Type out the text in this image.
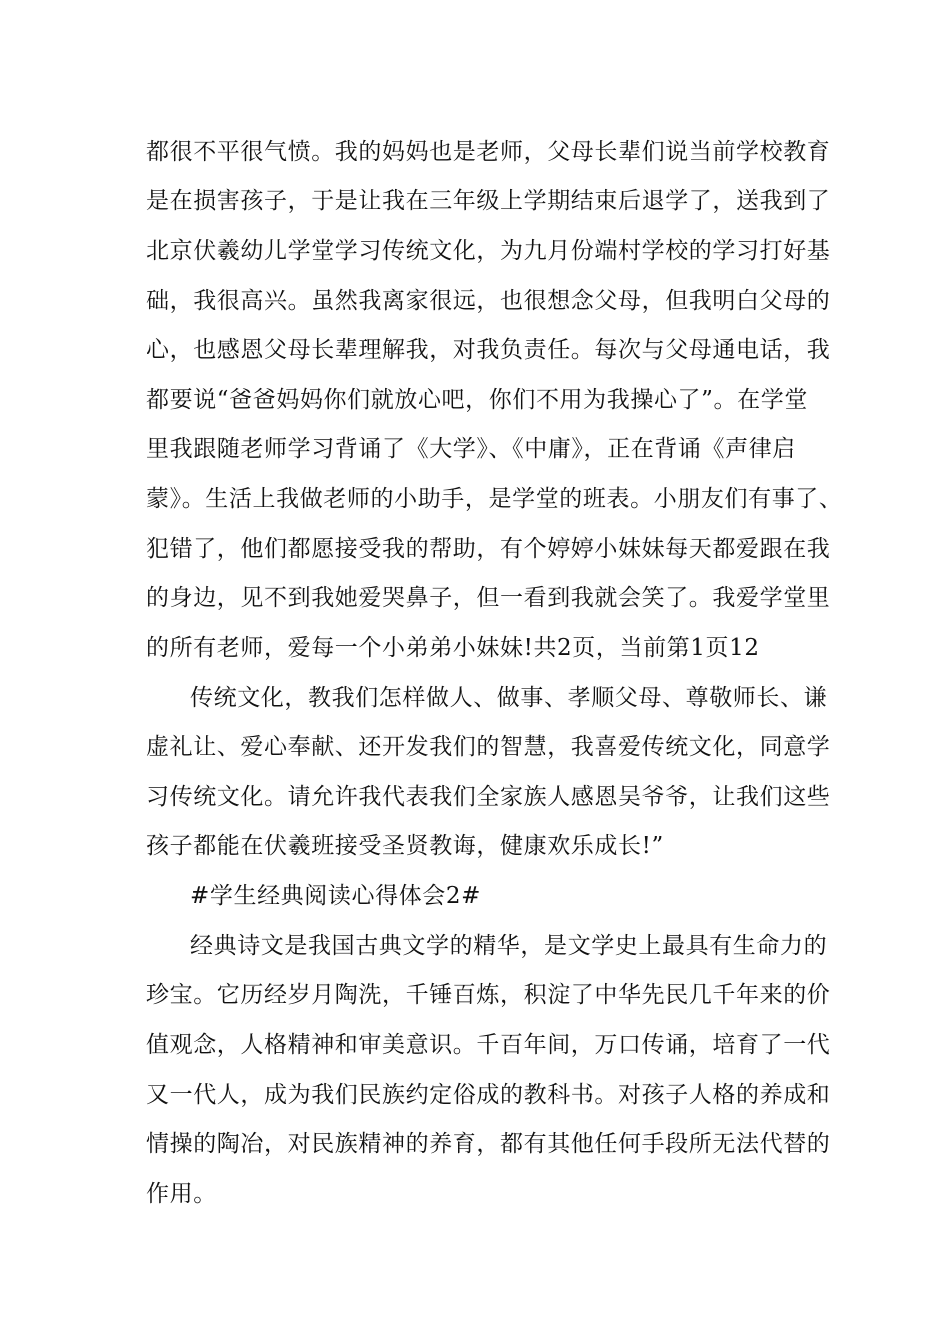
都很不平很气愤。我的妈妈也是老师，父母长辈们说当前学校教育
是在损害孩子，于是让我在三年级上学期结束后退学了，送我到了
北京伏羲幼儿学堂学习传统文化，为九月份端村学校的学习打好基
础，我很高兴。虽然我离家很远，也很想念父母，但我明白父母的
心，也感恩父母长辈理解我，对我负责任。每次与父母通电话，我
都要说“爸爸妈妈你们就放心吧，你们不用为我操心了”。在学堂
里我跟随老师学习背诵了《大学》、《中庸》，正在背诵《声律启
蒙》。生活上我做老师的小助手，是学堂的班表。小朋友们有事了、
犯错了，他们都愿接受我的帮助，有个婷婷小妹妹每天都爱跟在我
的身边，见不到我她爱哭鼻子，但一看到我就会笑了。我爱学堂里
的所有老师，爱每一个小弟弟小妹妹!共2页，当前第1页12
传统文化，教我们怎样做人、做事、孝顺父母、尊敬师长、谦
虚礼让、爱心奉献、还开发我们的智慧，我喜爱传统文化，同意学
习传统文化。请允许我代表我们全家族人感恩吴爷爷，让我们这些
孩子都能在伏羲班接受圣贤教诲，健康欢乐成长!”
#学生经典阅读心得体会2#
经典诗文是我国古典文学的精华，是文学史上最具有生命力的
珍宝。它历经岁月陶洗，千锤百炼，积淀了中华先民几千年来的价
值观念，人格精神和审美意识。千百年间，万口传诵，培育了一代
又一代人，成为我们民族约定俗成的教科书。对孩子人格的养成和
情操的陶冶，对民族精神的养育，都有其他任何手段所无法代替的
作用。
